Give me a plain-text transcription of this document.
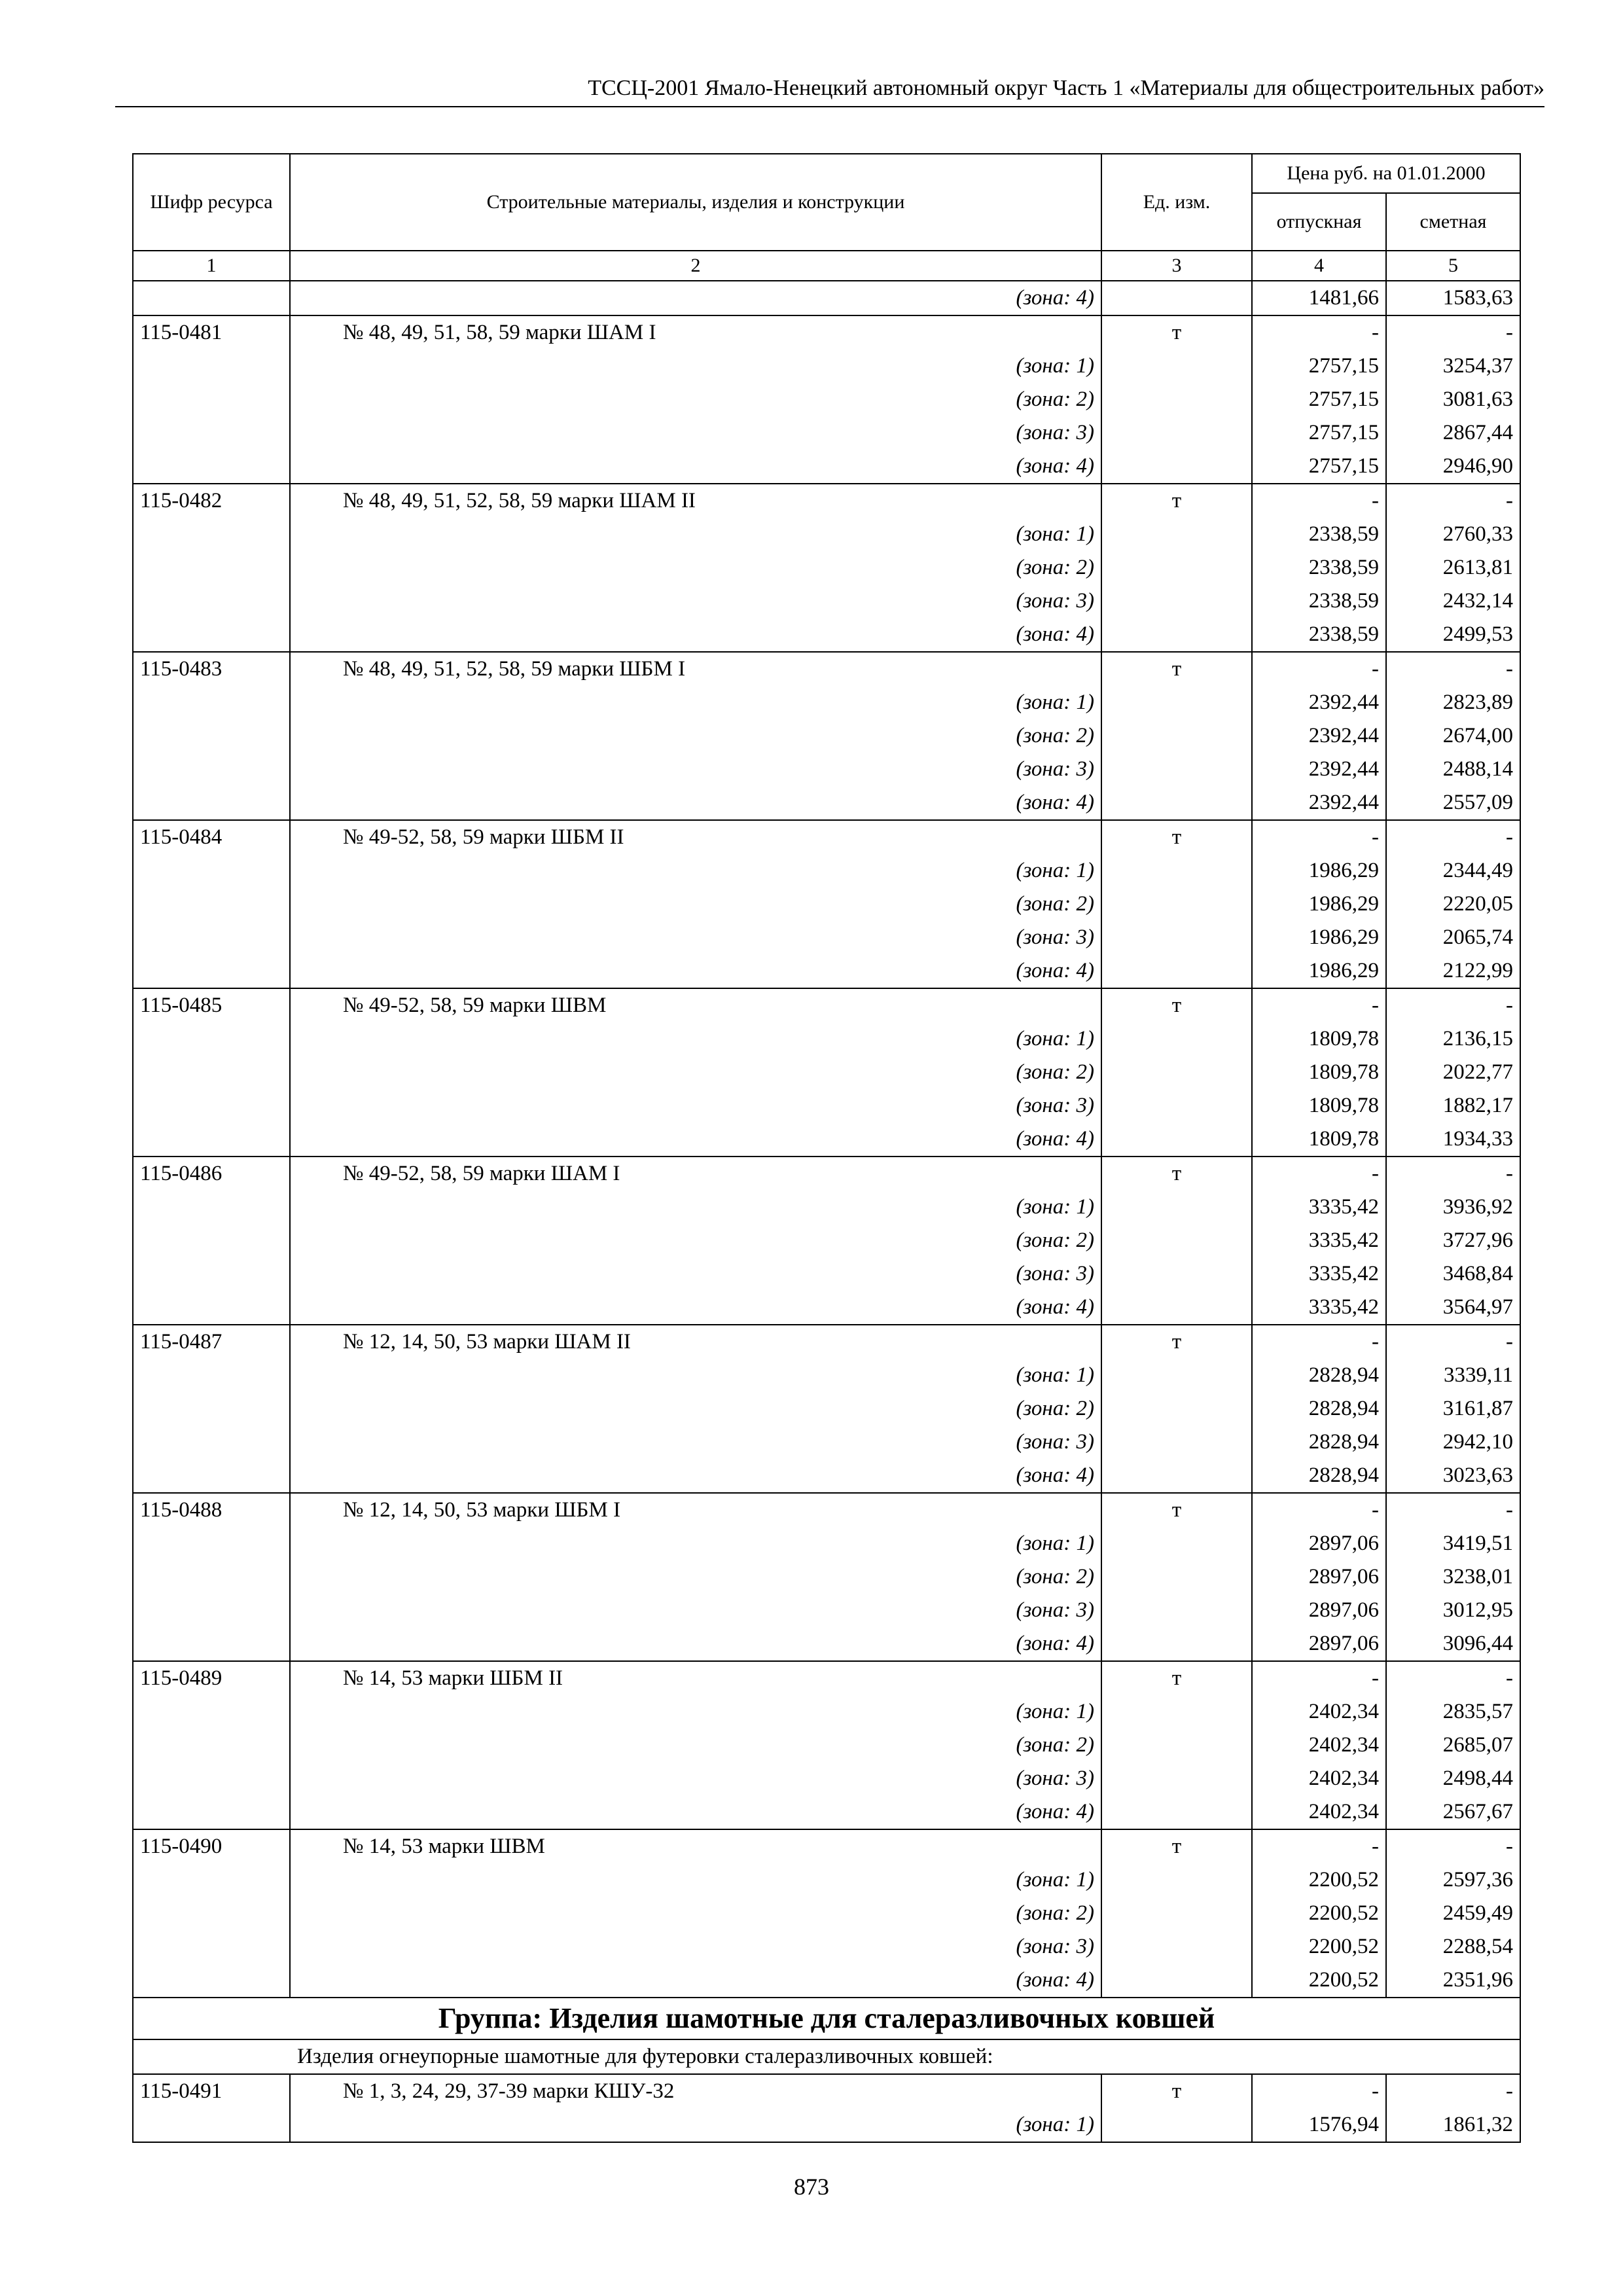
ТССЦ-2001 Ямало-Ненецкий автономный округ Часть 1 «Материалы для общестроительных работ»
Шифр ресурса	Строительные материалы, изделия и конструкции	Ед. изм.	Цена руб. на 01.01.2000	
			отпускная	сметная
1	2	3	4	5
	(зона: 4)		1481,66	1583,63
115-0481	№ 48, 49, 51, 58, 59 марки ШАМ I	т	-	-
	(зона: 1)		2757,15	3254,37
	(зона: 2)		2757,15	3081,63
	(зона: 3)		2757,15	2867,44
	(зона: 4)		2757,15	2946,90
115-0482	№ 48, 49, 51, 52, 58, 59 марки ШАМ II	т	-	-
	(зона: 1)		2338,59	2760,33
	(зона: 2)		2338,59	2613,81
	(зона: 3)		2338,59	2432,14
	(зона: 4)		2338,59	2499,53
115-0483	№ 48, 49, 51, 52, 58, 59 марки ШБМ I	т	-	-
	(зона: 1)		2392,44	2823,89
	(зона: 2)		2392,44	2674,00
	(зона: 3)		2392,44	2488,14
	(зона: 4)		2392,44	2557,09
115-0484	№ 49-52, 58, 59 марки ШБМ II	т	-	-
	(зона: 1)		1986,29	2344,49
	(зона: 2)		1986,29	2220,05
	(зона: 3)		1986,29	2065,74
	(зона: 4)		1986,29	2122,99
115-0485	№ 49-52, 58, 59 марки ШВМ	т	-	-
	(зона: 1)		1809,78	2136,15
	(зона: 2)		1809,78	2022,77
	(зона: 3)		1809,78	1882,17
	(зона: 4)		1809,78	1934,33
115-0486	№ 49-52, 58, 59 марки ШАМ I	т	-	-
	(зона: 1)		3335,42	3936,92
	(зона: 2)		3335,42	3727,96
	(зона: 3)		3335,42	3468,84
	(зона: 4)		3335,42	3564,97
115-0487	№ 12, 14, 50, 53 марки ШАМ II	т	-	-
	(зона: 1)		2828,94	3339,11
	(зона: 2)		2828,94	3161,87
	(зона: 3)		2828,94	2942,10
	(зона: 4)		2828,94	3023,63
115-0488	№ 12, 14, 50, 53 марки ШБМ I	т	-	-
	(зона: 1)		2897,06	3419,51
	(зона: 2)		2897,06	3238,01
	(зона: 3)		2897,06	3012,95
	(зона: 4)		2897,06	3096,44
115-0489	№ 14, 53 марки ШБМ II	т	-	-
	(зона: 1)		2402,34	2835,57
	(зона: 2)		2402,34	2685,07
	(зона: 3)		2402,34	2498,44
	(зона: 4)		2402,34	2567,67
115-0490	№ 14, 53 марки ШВМ	т	-	-
	(зона: 1)		2200,52	2597,36
	(зона: 2)		2200,52	2459,49
	(зона: 3)		2200,52	2288,54
	(зона: 4)		2200,52	2351,96
Группа: Изделия шамотные для сталеразливочных ковшей				
Изделия огнеупорные шамотные для футеровки сталеразливочных ковшей:				
115-0491	№ 1, 3, 24, 29, 37-39 марки КШУ-32	т	-	-
	(зона: 1)		1576,94	1861,32
873
